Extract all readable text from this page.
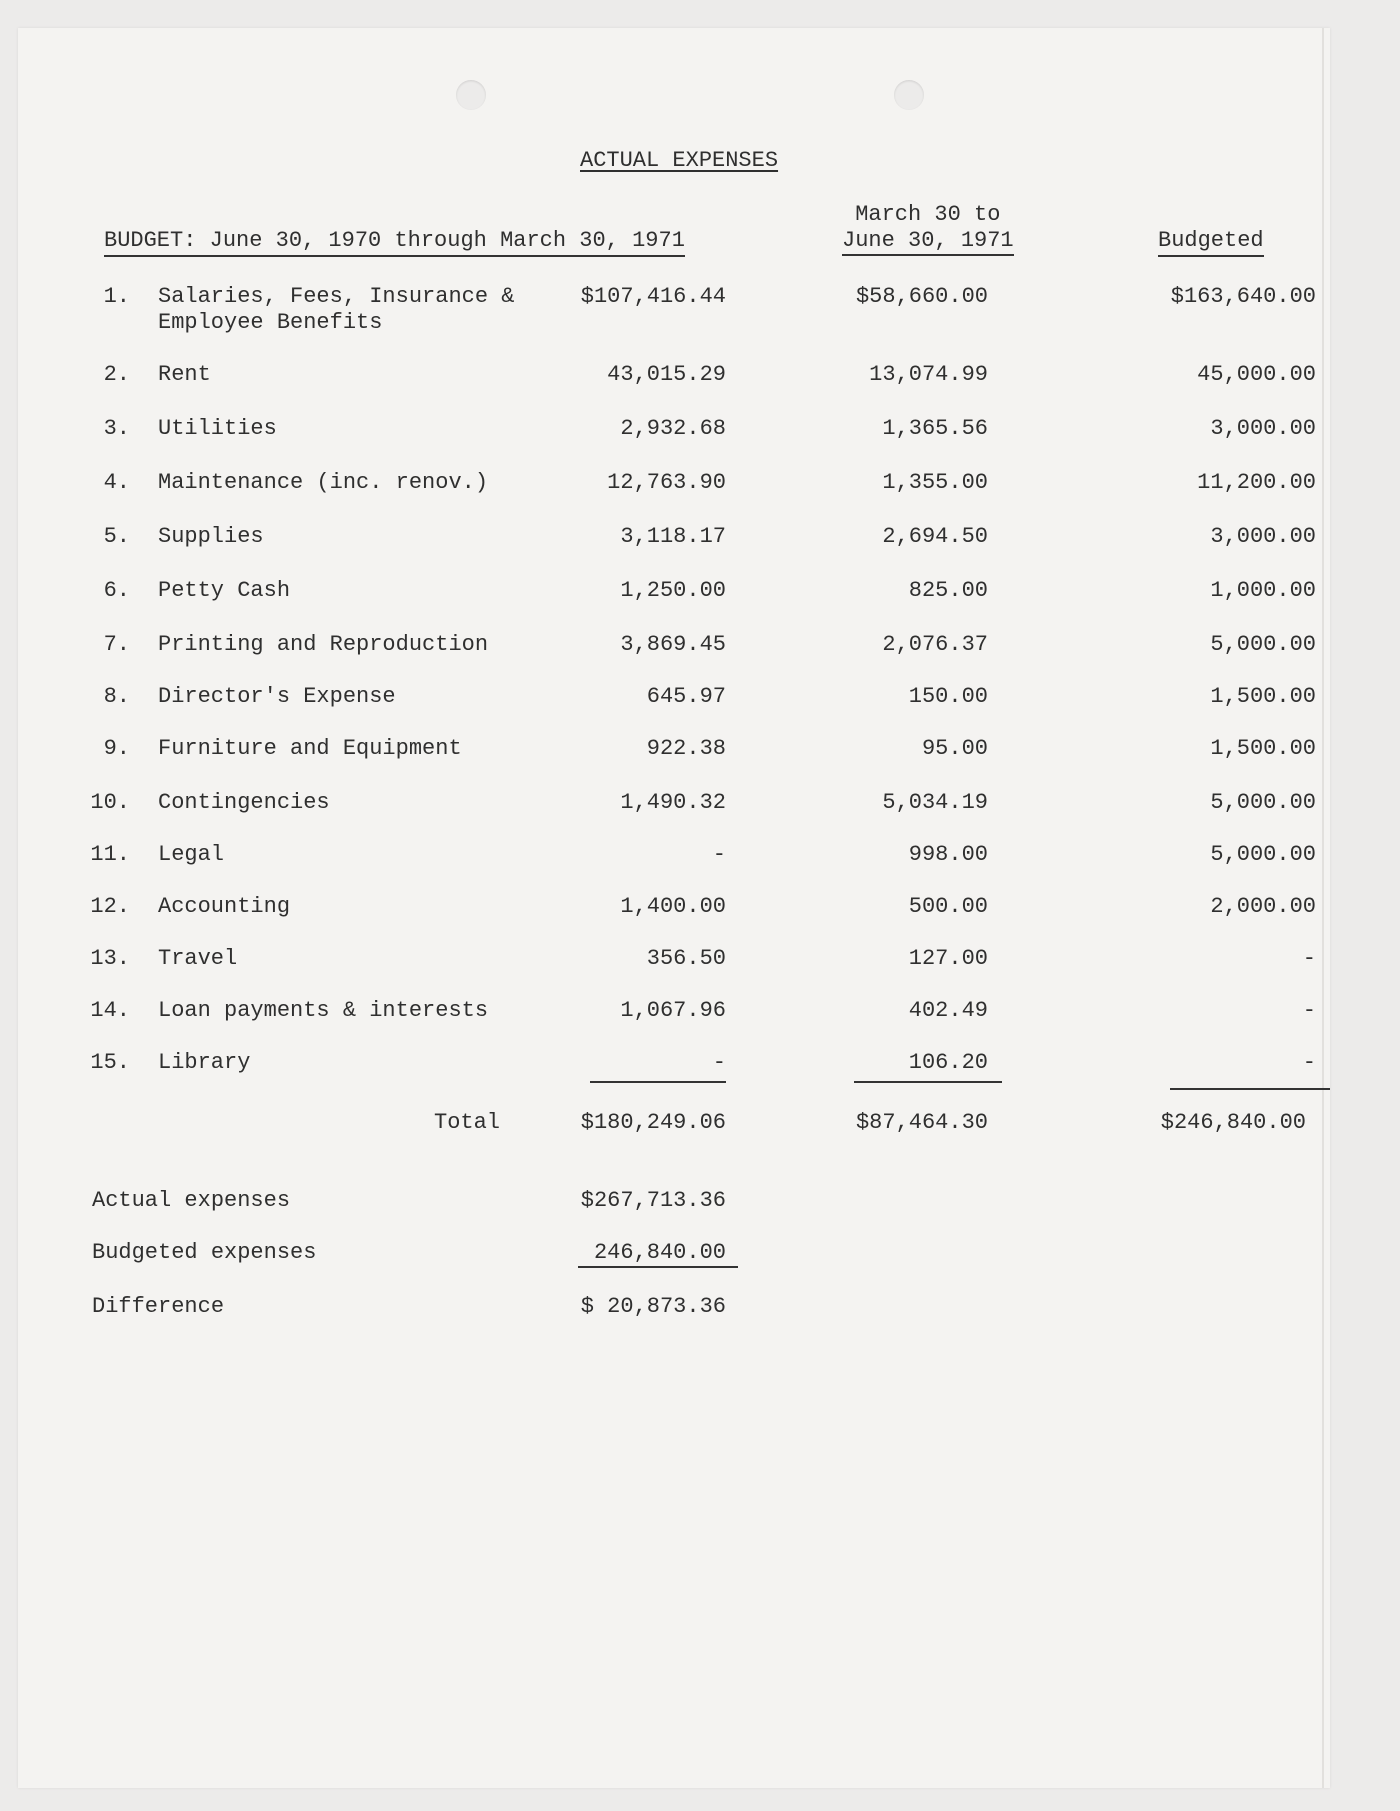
ACTUAL EXPENSES
BUDGET: June 30, 1970 through March 30, 1971
March 30 to
June 30, 1971	Budgeted
1. Salaries, Fees, Insurance &
Employee Benefits
$107,416.44	$58,660.00	$163,640.00
2. Rent	43,015.29	13,074.99	45,000.00
3. Utilities	2,932.68	1,365.56	3,000.00
4. Maintenance (inc. renov.)	12,763.90	1,355.00	11,200.00
5. Supplies	3,118.17	2,694.50	3,000.00
6. Petty Cash	1,250.00	825.00	1,000.00
7. Printing and Reproduction	3,869.45	2,076.37	5,000.00
8. Director's Expense	645.97	150.00	1,500.00
9. Furniture and Equipment	922.38	95.00	1,500.00
10. Contingencies	1,490.32	5,034.19	5,000.00
11. Legal	-	998.00	5,000.00
12. Accounting	1,400.00	500.00	2,000.00
13. Travel	356.50	127.00	-
14. Loan payments & interests	1,067.96	402.49	-
15. Library	-	106.20	-
Total	$180,249.06	$87,464.30	$246,840.00
Actual expenses	$267,713.36
Budgeted expenses	246,840.00
Difference	$ 20,873.36
